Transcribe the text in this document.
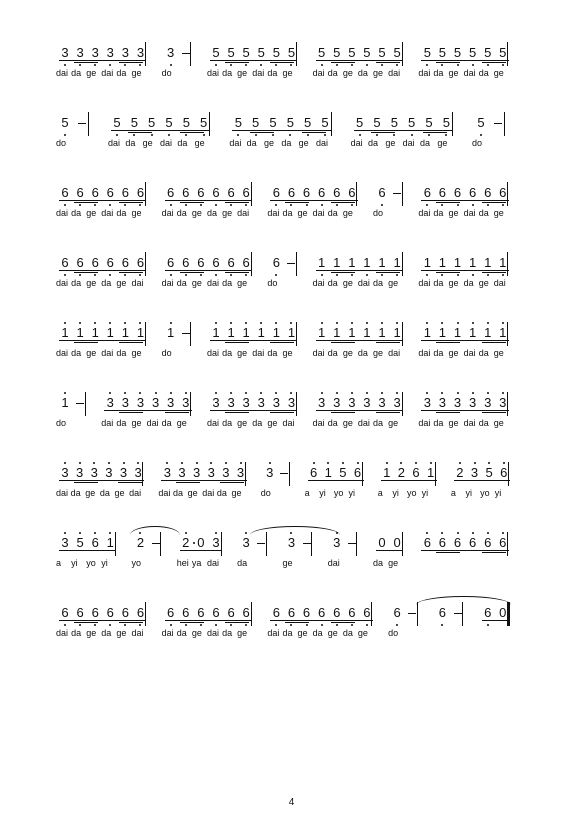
3 3 3 3 3 3 3	5 5 5 5 5 5 5 5 5 5 5 5 5 5 5 5 5 5
dai da ge dai da ge do	dai da ge dai da ge dai da ge da ge dai dai da ge dai da ge
5	5 5 5 5 5 5 5 5 5 5 5 5 5 5 5 5 5 5 5
do	dai da ge dai da ge	dai da ge da ge dai	dai da ge dai da ge	do
6 6 6 6 6 6 6 6 6 6 6 6 6 6 6 6 6 6 6	6 6 6 6 6 6
dai da ge dai da ge dai da ge da ge dai dai da ge dai da ge do	dai da ge dai da ge
6 6 6 6 6 6 6 6 6 6 6 6 6	1 1 1 1 1 1 1 1 1 1 1 1
dai da ge da ge dai dai da ge dai da ge do	dai da ge dai da ge dai da ge da ge dai
1 1 1 1 1 1 1	1 1 1 1 1 1 1 1 1 1 1 1 1 1 1 1 1 1
dai da ge dai da ge do	dai da ge dai da ge dai da ge da ge dai dai da ge dai da ge
1	3 3 3 3 3 3 3 3 3 3 3 3 3 3 3 3 3 3 3 3 3 3 3 3
do	dai da ge dai da ge dai da ge da ge dai dai da ge dai da ge dai da ge dai da ge
3 3 3 3 3 3 3 3 3 3 3 3 3	6 1 5 6 1 2 6 1 2 3 5 6
dai da ge da ge dai dai da ge dai da ge do	a yi yo yi	a yi yo yi	a yi yo yi
3 5 6 1 2	2 0 3 3	3	3	0 0 6 6 6 6 6 6
a yi yo yi	yo	hei ya dai da	ge	dai	da ge
6 6 6 6 6 6 6 6 6 6 6 6 6 6 6 6 6 6 6 6	6	6 0
dai da ge da ge dai dai da ge dai da ge dai da ge da ge da ge do
4
